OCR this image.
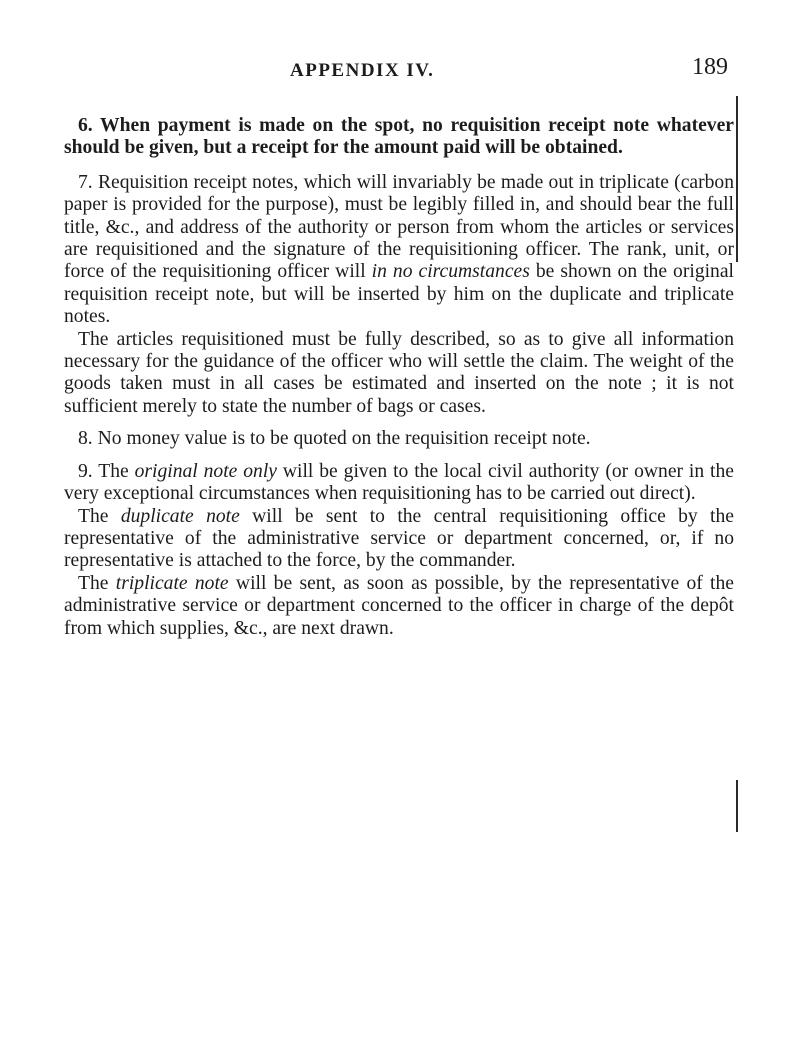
APPENDIX IV.	189

6. When payment is made on the spot, no requisition receipt note whatever should be given, but a receipt for the amount paid will be obtained.

7. Requisition receipt notes, which will invariably be made out in triplicate (carbon paper is provided for the purpose), must be legibly filled in, and should bear the full title, &c., and address of the authority or person from whom the articles or services are requisitioned and the signature of the requisitioning officer. The rank, unit, or force of the requisitioning officer will in no circumstances be shown on the original requisition receipt note, but will be inserted by him on the duplicate and triplicate notes.

The articles requisitioned must be fully described, so as to give all information necessary for the guidance of the officer who will settle the claim. The weight of the goods taken must in all cases be estimated and inserted on the note ; it is not sufficient merely to state the number of bags or cases.

8. No money value is to be quoted on the requisition receipt note.

9. The original note only will be given to the local civil authority (or owner in the very exceptional circumstances when requisitioning has to be carried out direct).

The duplicate note will be sent to the central requisitioning office by the representative of the administrative service or department concerned, or, if no representative is attached to the force, by the commander.

The triplicate note will be sent, as soon as possible, by the representative of the administrative service or department concerned to the officer in charge of the depôt from which supplies, &c., are next drawn.
